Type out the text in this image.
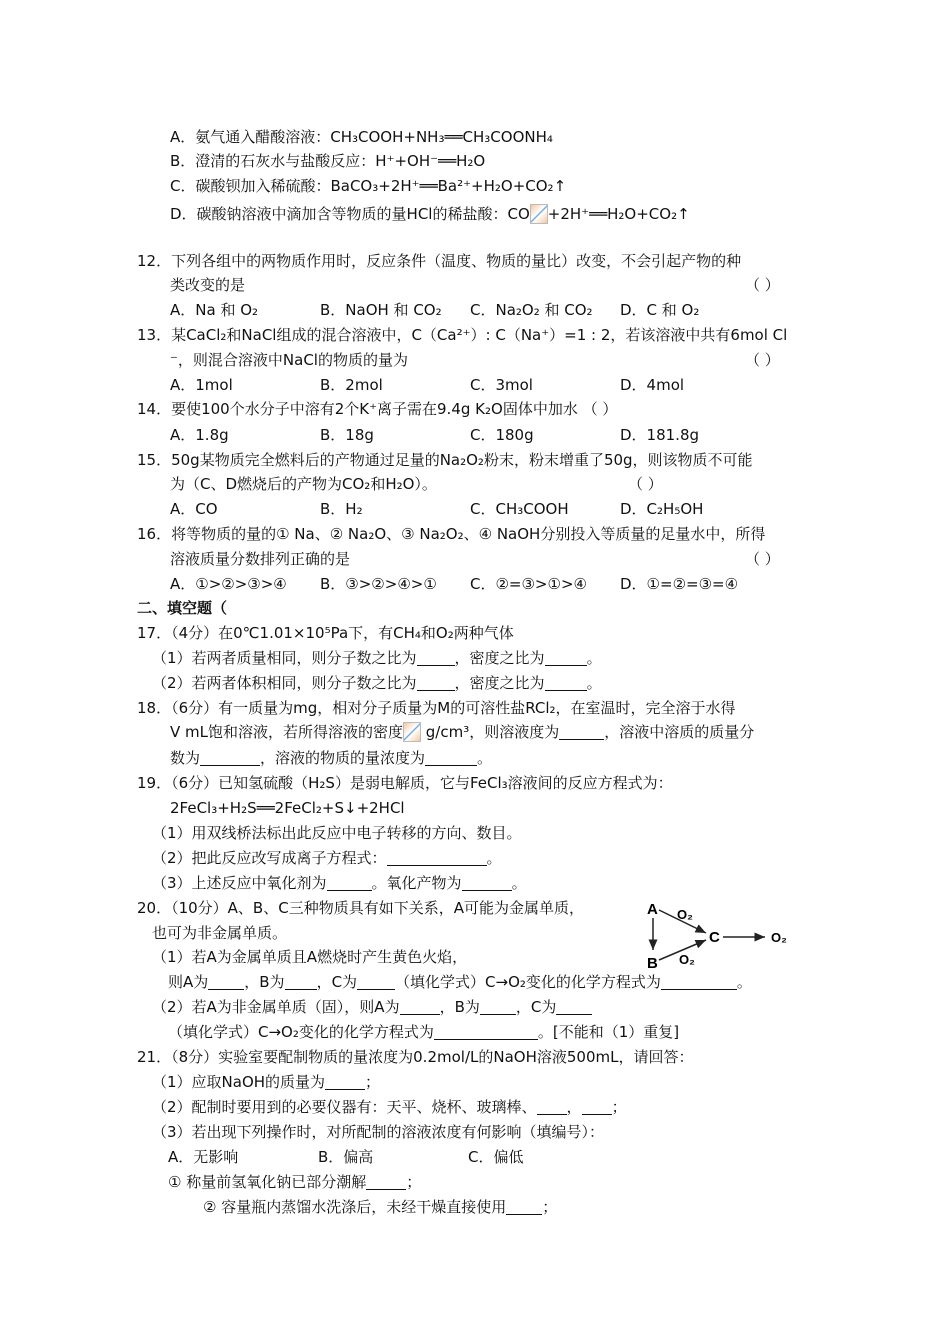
A．氨气通入醋酸溶液：CH₃COOH+NH₃══CH₃COONH₄
B．澄清的石灰水与盐酸反应：H⁺+OH⁻══H₂O
C．碳酸钡加入稀硫酸：BaCO₃+2H⁺══Ba²⁺+H₂O+CO₂↑
D．碳酸钠溶液中滴加含等物质的量HCl的稀盐酸：CO +2H⁺══H₂O+CO₂↑
12．下列各组中的两物质作用时，反应条件（温度、物质的量比）改变，不会引起产物的种
类改变的是	（ ）
A．Na 和 O₂	B．NaOH 和 CO₂ C．Na₂O₂ 和 CO₂ D．C 和 O₂
13．某CaCl₂和NaCl组成的混合溶液中，C（Ca²⁺）: C（Na⁺）=1 : 2，若该溶液中共有6mol Cl
⁻，则混合溶液中NaCl的物质的量为	（ ）
A．1mol	B．2mol	C．3mol	D．4mol
14．要使100个水分子中溶有2个K⁺离子需在9.4g K₂O固体中加水 （ ）
A．1.8g	B．18g	C．180g	D．181.8g
15．50g某物质完全燃料后的产物通过足量的Na₂O₂粉末，粉末增重了50g，则该物质不可能
为（C、D燃烧后的产物为CO₂和H₂O）。	（ ）
A．CO	B．H₂	C．CH₃COOH	D．C₂H₅OH
16．将等物质的量的① Na、② Na₂O、③ Na₂O₂、④ NaOH分别投入等质量的足量水中，所得
溶液质量分数排列正确的是	（ ）
A．①>②>③>④ B．③>②>④>① C．②=③>①>④ D．①=②=③=④
二、填空题（
17．（4分）在0℃1.01×10⁵Pa下，有CH₄和O₂两种气体
（1）若两者质量相同，则分子数之比为	，密度之比为	。
（2）若两者体积相同，则分子数之比为	，密度之比为	。
18．（6分）有一质量为mg，相对分子质量为M的可溶性盐RCl₂，在室温时，完全溶于水得
V mL饱和溶液，若所得溶液的密度 g/cm³，则溶液度为	，溶液中溶质的质量分
数为	，溶液的物质的量浓度为	。
19．（6分）已知氢硫酸（H₂S）是弱电解质，它与FeCl₃溶液间的反应方程式为：
2FeCl₃+H₂S══2FeCl₂+S↓+2HCl
（1）用双线桥法标出此反应中电子转移的方向、数目。
（2）把此反应改写成离子方程式：	。
（3）上述反应中氧化剂为	。氧化产物为	。
20．（10分）A、B、C三种物质具有如下关系，A可能为金属单质，
也可为非金属单质。
（1）若A为金属单质且A燃烧时产生黄色火焰，
则A为 ，B为 ，C为	（填化学式）C→O₂变化的化学方程式为	。
（2）若A为非金属单质（固），则A为	，B为 ，C为
（填化学式）C→O₂变化的化学方程式为	。[不能和（1）重复]
A
B
C
O₂
O₂
O₂
21．（8分）实验室要配制物质的量浓度为0.2mol/L的NaOH溶液500mL，请回答：
（1）应取NaOH的质量为	；
（2）配制时要用到的必要仪器有：天平、烧杯、玻璃棒、 ， ；
（3）若出现下列操作时，对所配制的溶液浓度有何影响（填编号）：
A．无影响	B．偏高	C．偏低
① 称量前氢氧化钠已部分潮解	；
② 容量瓶内蒸馏水洗涤后，未经干燥直接使用 ；
